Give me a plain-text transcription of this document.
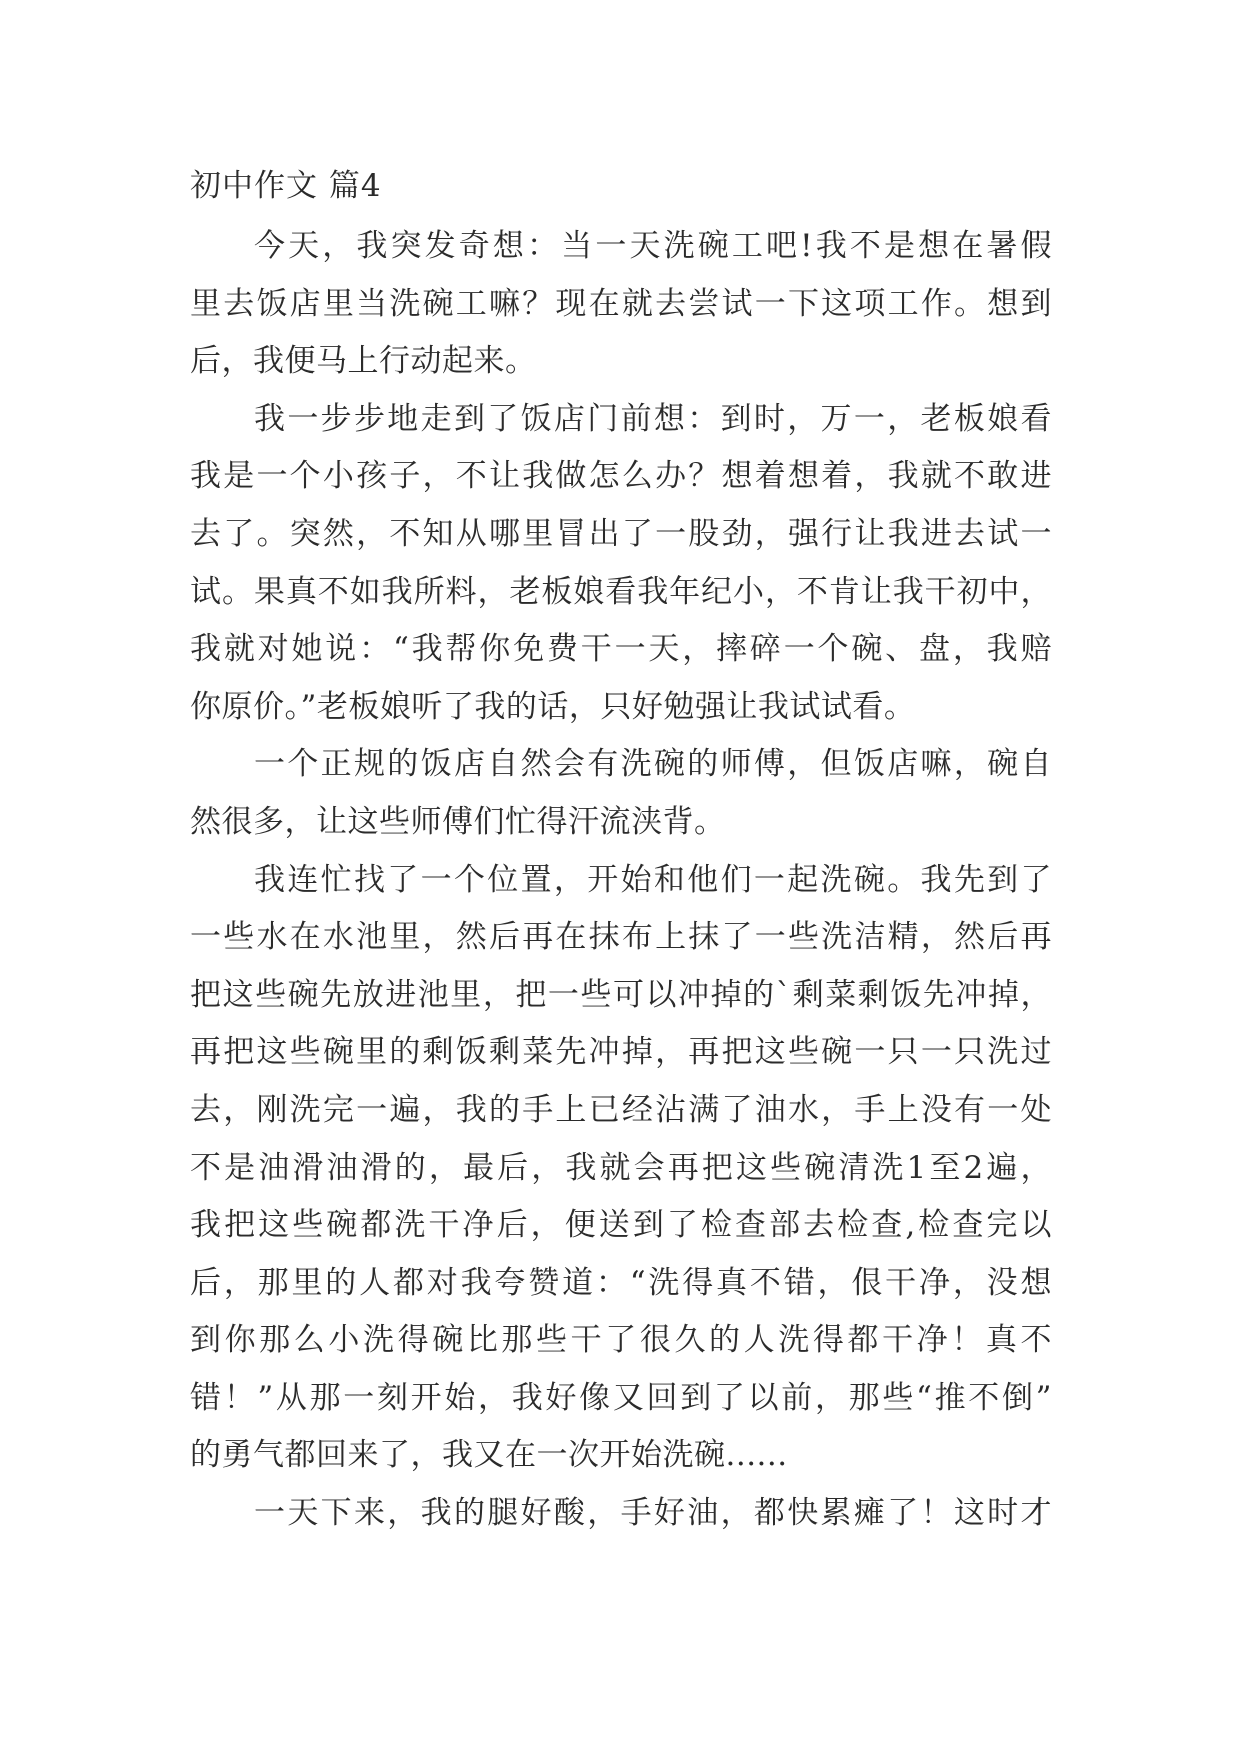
初中作文 篇4
今天，我突发奇想：当一天洗碗工吧!我不是想在暑假
里去饭店里当洗碗工嘛？现在就去尝试一下这项工作。想到
后，我便马上行动起来。
我一步步地走到了饭店门前想：到时，万一，老板娘看
我是一个小孩子，不让我做怎么办？想着想着，我就不敢进
去了。突然，不知从哪里冒出了一股劲，强行让我进去试一
试。果真不如我所料，老板娘看我年纪小，不肯让我干初中，
我就对她说：“我帮你免费干一天，摔碎一个碗、盘，我赔
你原价。”老板娘听了我的话，只好勉强让我试试看。
一个正规的饭店自然会有洗碗的师傅，但饭店嘛，碗自
然很多，让这些师傅们忙得汗流浃背。
我连忙找了一个位置，开始和他们一起洗碗。我先到了
一些水在水池里，然后再在抹布上抹了一些洗洁精，然后再
把这些碗先放进池里，把一些可以冲掉的`剩菜剩饭先冲掉，
再把这些碗里的剩饭剩菜先冲掉，再把这些碗一只一只洗过
去，刚洗完一遍，我的手上已经沾满了油水，手上没有一处
不是油滑油滑的，最后，我就会再把这些碗清洗1至2遍，
我把这些碗都洗干净后，便送到了检查部去检查,检查完以
后，那里的人都对我夸赞道：“洗得真不错，佷干净，没想
到你那么小洗得碗比那些干了很久的人洗得都干净！真不
错！”从那一刻开始，我好像又回到了以前，那些“推不倒”
的勇气都回来了，我又在一次开始洗碗......
一天下来，我的腿好酸，手好油，都快累瘫了！这时才
